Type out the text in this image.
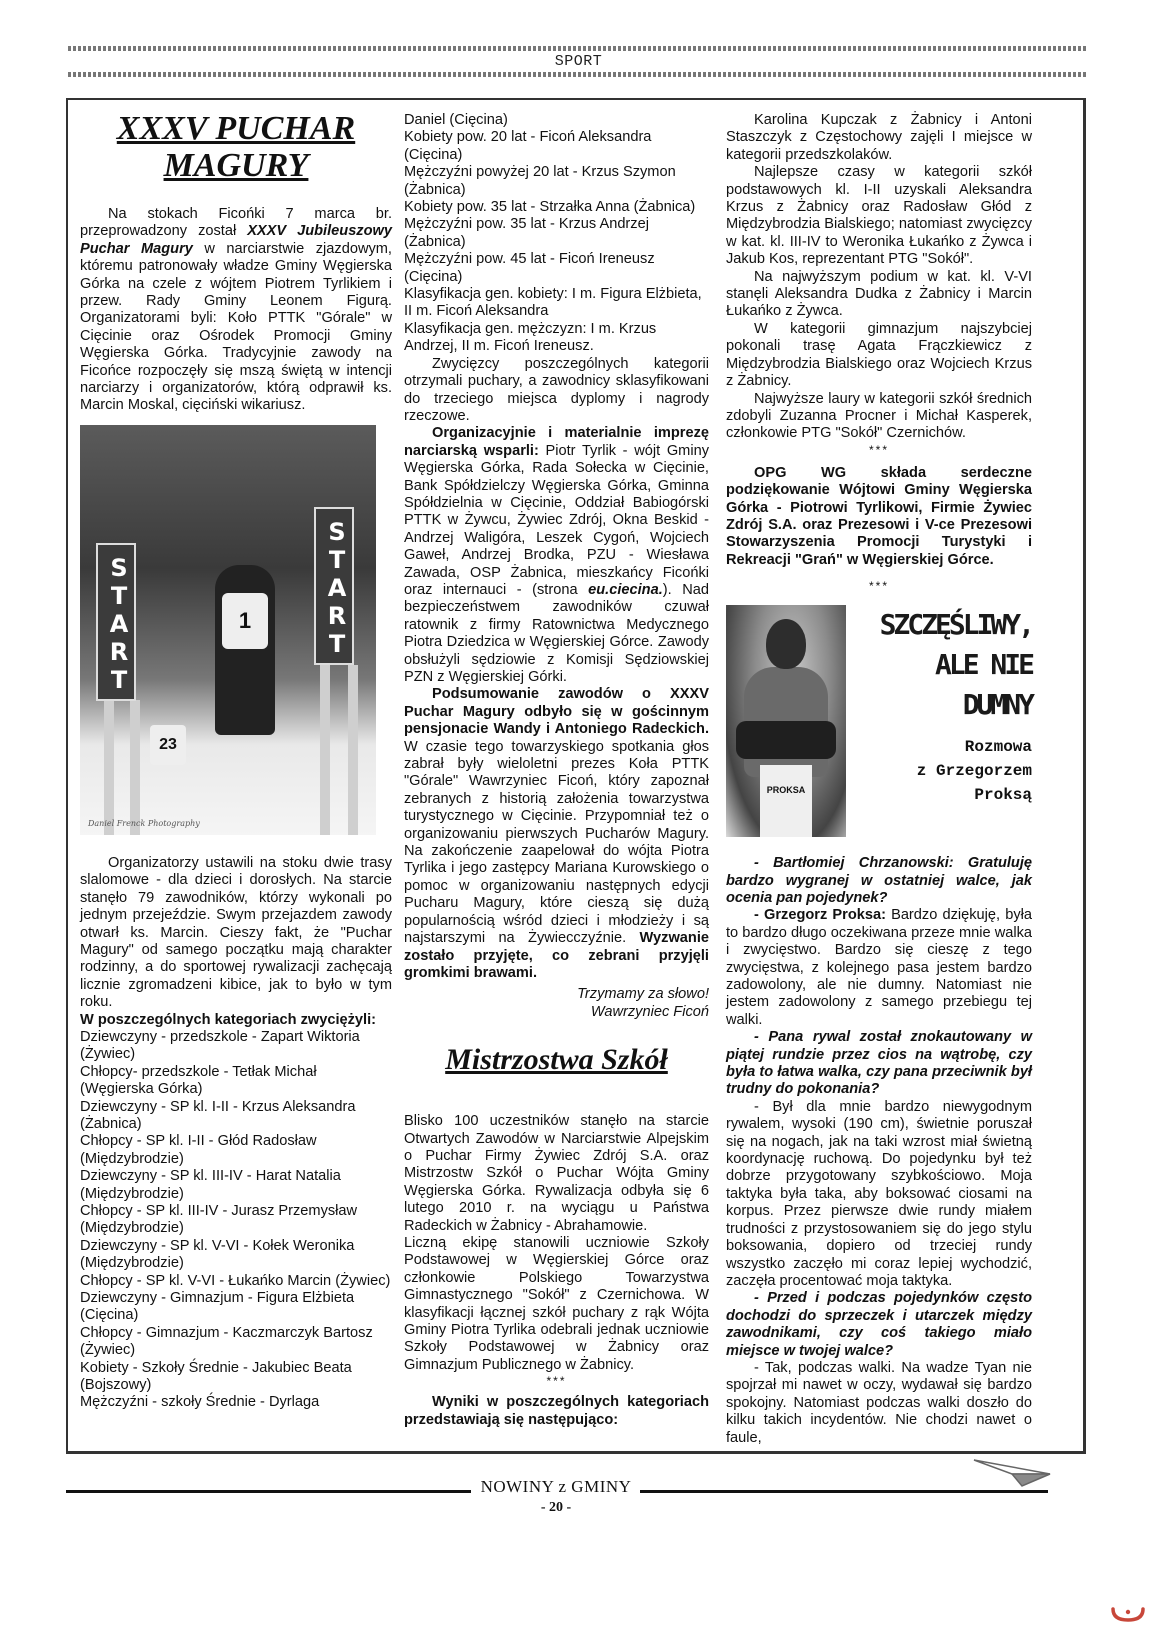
SPORT
XXXV PUCHAR
MAGURY

Na stokach Ficońki 7 marca br. przeprowadzony został XXXV Jubileuszowy Puchar Magury w narciarstwie zjazdowym, któremu patronowały władze Gminy Węgierska Górka na czele z wójtem Piotrem Tyrlikiem i przew. Rady Gminy Leonem Figurą. Organizatorami byli: Koło PTTK "Górale" w Cięcinie oraz Ośrodek Promocji Gminy Węgierska Górka. Tradycyjnie zawody na Ficońce rozpoczęły się mszą świętą w intencji narciarzy i organizatorów, którą odprawił ks. Marcin Moskal, cięciński wikariusz.

START	START
1
23
Daniel Frenck Photography

Organizatorzy ustawili na stoku dwie trasy slalomowe - dla dzieci i dorosłych. Na starcie stanęło 79 zawodników, którzy wykonali po jednym przejeździe. Swym przejazdem zawody otwarł ks. Marcin. Cieszy fakt, że "Puchar Magury" od samego początku mają charakter rodzinny, a do sportowej rywalizacji zachęcają licznie zgromadzeni kibice, jak to było w tym roku.

W poszczególnych kategoriach zwyciężyli:

Dziewczyny - przedszkole - Zapart Wiktoria (Żywiec)

Chłopcy- przedszkole - Tetłak Michał (Węgierska Górka)

Dziewczyny - SP kl. I-II - Krzus Aleksandra (Żabnica)

Chłopcy - SP kl. I-II - Głód Radosław (Międzybrodzie)

Dziewczyny - SP kl. III-IV - Harat Natalia (Międzybrodzie)

Chłopcy - SP kl. III-IV - Jurasz Przemysław (Międzybrodzie)

Dziewczyny - SP kl. V-VI - Kołek Weronika (Międzybrodzie)

Chłopcy - SP kl. V-VI - Łukańko Marcin (Żywiec)

Dziewczyny - Gimnazjum - Figura Elżbieta (Cięcina)

Chłopcy - Gimnazjum - Kaczmarczyk Bartosz (Żywiec)

Kobiety - Szkoły Średnie - Jakubiec Beata (Bojszowy)

Mężczyźni - szkoły Średnie - Dyrlaga

Daniel (Cięcina)

Kobiety pow. 20 lat - Ficoń Aleksandra (Cięcina)

Mężczyźni powyżej 20 lat - Krzus Szymon (Żabnica)

Kobiety pow. 35 lat - Strzałka Anna (Żabnica)

Mężczyźni pow. 35 lat - Krzus Andrzej (Żabnica)

Mężczyźni pow. 45 lat - Ficoń Ireneusz (Cięcina)

Klasyfikacja gen. kobiety: I m. Figura Elżbieta, II m. Ficoń Aleksandra

Klasyfikacja gen. mężczyzn: I m. Krzus Andrzej, II m. Ficoń Ireneusz.

Zwycięzcy poszczególnych kategorii otrzymali puchary, a zawodnicy sklasyfikowani do trzeciego miejsca dyplomy i nagrody rzeczowe.

Organizacyjnie i materialnie imprezę narciarską wsparli: Piotr Tyrlik - wójt Gminy Węgierska Górka, Rada Sołecka w Cięcinie, Bank Spółdzielczy Węgierska Górka, Gminna Spółdzielnia w Cięcinie, Oddział Babiogórski PTTK w Żywcu, Żywiec Zdrój, Okna Beskid - Andrzej Waligóra, Leszek Cygoń, Wojciech Gaweł, Andrzej Brodka, PZU - Wiesława Zawada, OSP Żabnica, mieszkańcy Ficońki oraz internauci - (strona eu.ciecina.). Nad bezpieczeństwem zawodników czuwał ratownik z firmy Ratownictwa Medycznego Piotra Dziedzica w Węgierskiej Górce. Zawody obsłużyli sędziowie z Komisji Sędziowskiej PZN z Węgierskiej Górki.

Podsumowanie zawodów o XXXV Puchar Magury odbyło się w gościnnym pensjonacie Wandy i Antoniego Radeckich. W czasie tego towarzyskiego spotkania głos zabrał były wieloletni prezes Koła PTTK "Górale" Wawrzyniec Ficoń, który zapoznał zebranych z historią założenia towarzystwa turystycznego w Cięcinie. Przypomniał też o organizowaniu pierwszych Pucharów Magury. Na zakończenie zaapelował do wójta Piotra Tyrlika i jego zastępcy Mariana Kurowskiego o pomoc w organizowaniu następnych edycji Pucharu Magury, które cieszą się dużą popularnością wśród dzieci i młodzieży i są najstarszymi na Żywiecczyźnie. Wyzwanie zostało przyjęte, co zebrani przyjęli gromkimi brawami.

Trzymamy za słowo!

Wawrzyniec Ficoń

Mistrzostwa Szkół

Blisko 100 uczestników stanęło na starcie Otwartych Zawodów w Narciarstwie Alpejskim o Puchar Firmy Żywiec Zdrój S.A. oraz Mistrzostw Szkół o Puchar Wójta Gminy Węgierska Górka. Rywalizacja odbyła się 6 lutego 2010 r. na wyciągu u Państwa Radeckich w Żabnicy - Abrahamowie.

Liczną ekipę stanowili uczniowie Szkoły Podstawowej w Węgierskiej Górce oraz członkowie Polskiego Towarzystwa Gimnastycznego "Sokół" z Czernichowa. W klasyfikacji łącznej szkół puchary z rąk Wójta Gminy Piotra Tyrlika odebrali jednak uczniowie Szkoły Podstawowej w Żabnicy oraz Gimnazjum Publicznego w Żabnicy.

***

Wyniki w poszczególnych kategoriach przedstawiają się następująco:

Karolina Kupczak z Żabnicy i Antoni Staszczyk z Częstochowy zajęli I miejsce w kategorii przedszkolaków.

Najlepsze czasy w kategorii szkół podstawowych kl. I-II uzyskali Aleksandra Krzus z Żabnicy oraz Radosław Głód z Międzybrodzia Bialskiego; natomiast zwycięzcy w kat. kl. III-IV to Weronika Łukańko z Żywca i Jakub Kos, reprezentant PTG "Sokół".

Na najwyższym podium w kat. kl. V-VI stanęli Aleksandra Dudka z Żabnicy i Marcin Łukańko z Żywca.

W kategorii gimnazjum najszybciej pokonali trasę Agata Frączkiewicz z Międzybrodzia Bialskiego oraz Wojciech Krzus z Żabnicy.

Najwyższe laury w kategorii szkół średnich zdobyli Zuzanna Procner i Michał Kasperek, członkowie PTG "Sokół" Czernichów.

***

OPG WG składa serdeczne podziękowanie Wójtowi Gminy Węgierska Górka - Piotrowi Tyrlikowi, Firmie Żywiec Zdrój S.A. oraz Prezesowi i V-ce Prezesowi Stowarzyszenia Promocji Turystyki i Rekreacji "Grań" w Węgierskiej Górce.

***

PROKSA
SZCZĘŚLIWY,
ALE NIE
DUMNY
Rozmowa
z Grzegorzem
Proksą

- Bartłomiej Chrzanowski: Gratuluję bardzo wygranej w ostatniej walce, jak ocenia pan pojedynek?

- Grzegorz Proksa: Bardzo dziękuję, była to bardzo długo oczekiwana przeze mnie walka i zwycięstwo. Bardzo się cieszę z tego zwycięstwa, z kolejnego pasa jestem bardzo zadowolony, ale nie dumny. Natomiast nie jestem zadowolony z samego przebiegu tej walki.

- Pana rywal został znokautowany w piątej rundzie przez cios na wątrobę, czy była to łatwa walka, czy pana przeciwnik był trudny do pokonania?

- Był dla mnie bardzo niewygodnym rywalem, wysoki (190 cm), świetnie poruszał się na nogach, jak na taki wzrost miał świetną koordynację ruchową. Do pojedynku był też dobrze przygotowany szybkościowo. Moja taktyka była taka, aby boksować ciosami na korpus. Przez pierwsze dwie rundy miałem trudności z przystosowaniem się do jego stylu boksowania, dopiero od trzeciej rundy wszystko zaczęło mi coraz lepiej wychodzić, zaczęła procentować moja taktyka.

- Przed i podczas pojedynków często dochodzi do sprzeczek i utarczek między zawodnikami, czy coś takiego miało miejsce w twojej walce?

- Tak, podczas walki. Na wadze Tyan nie spojrzał mi nawet w oczy, wydawał się bardzo spokojny. Natomiast podczas walki doszło do kilku takich incydentów. Nie chodzi nawet o faule,

NOWINY z GMINY
- 20 -
